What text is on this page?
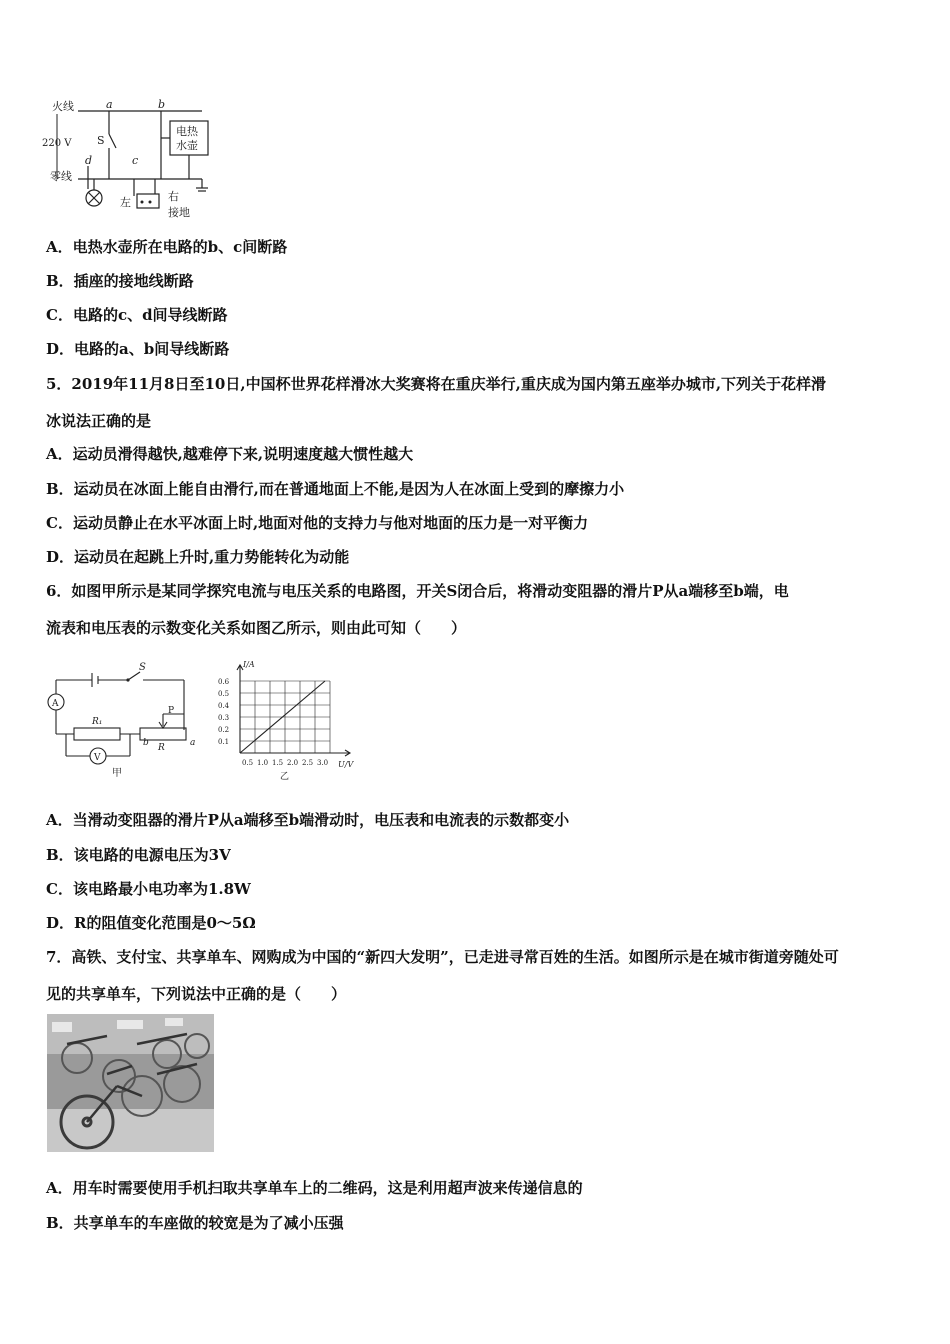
火线
零线
220 V
a	b
c
d
S
电热
水壶
左	右
接地
A．电热水壶所在电路的b、c间断路
B．插座的接地线断路
C．电路的c、d间导线断路
D．电路的a、b间导线断路
5．2019年11月8日至10日,中国杯世界花样滑冰大奖赛将在重庆举行,重庆成为国内第五座举办城市,下列关于花样滑
冰说法正确的是
A．运动员滑得越快,越难停下来,说明速度越大惯性越大
B．运动员在冰面上能自由滑行,而在普通地面上不能,是因为人在冰面上受到的摩擦力小
C．运动员静止在水平冰面上时,地面对他的支持力与他对地面的压力是一对平衡力
D．运动员在起跳上升时,重力势能转化为动能
6．如图甲所示是某同学探究电流与电压关系的电路图，开关S闭合后，将滑动变阻器的滑片P从a端移至b端，电
流表和电压表的示数变化关系如图乙所示，则由此可知（　　）
S
A
V
R₁
P
R
b	a
甲
I/A
U/V
0.6
0.5
0.4
0.3
0.2
0.1
0.5 1.0 1.5 2.0 2.5 3.0
乙
A．当滑动变阻器的滑片P从a端移至b端滑动时，电压表和电流表的示数都变小
B．该电路的电源电压为3V
C．该电路最小电功率为1.8W
D．R的阻值变化范围是0～5Ω
7．高铁、支付宝、共享单车、网购成为中国的“新四大发明”，已走进寻常百姓的生活。如图所示是在城市街道旁随处可
见的共享单车，下列说法中正确的是（　　）
A．用车时需要使用手机扫取共享单车上的二维码，这是利用超声波来传递信息的
B．共享单车的车座做的较宽是为了减小压强
